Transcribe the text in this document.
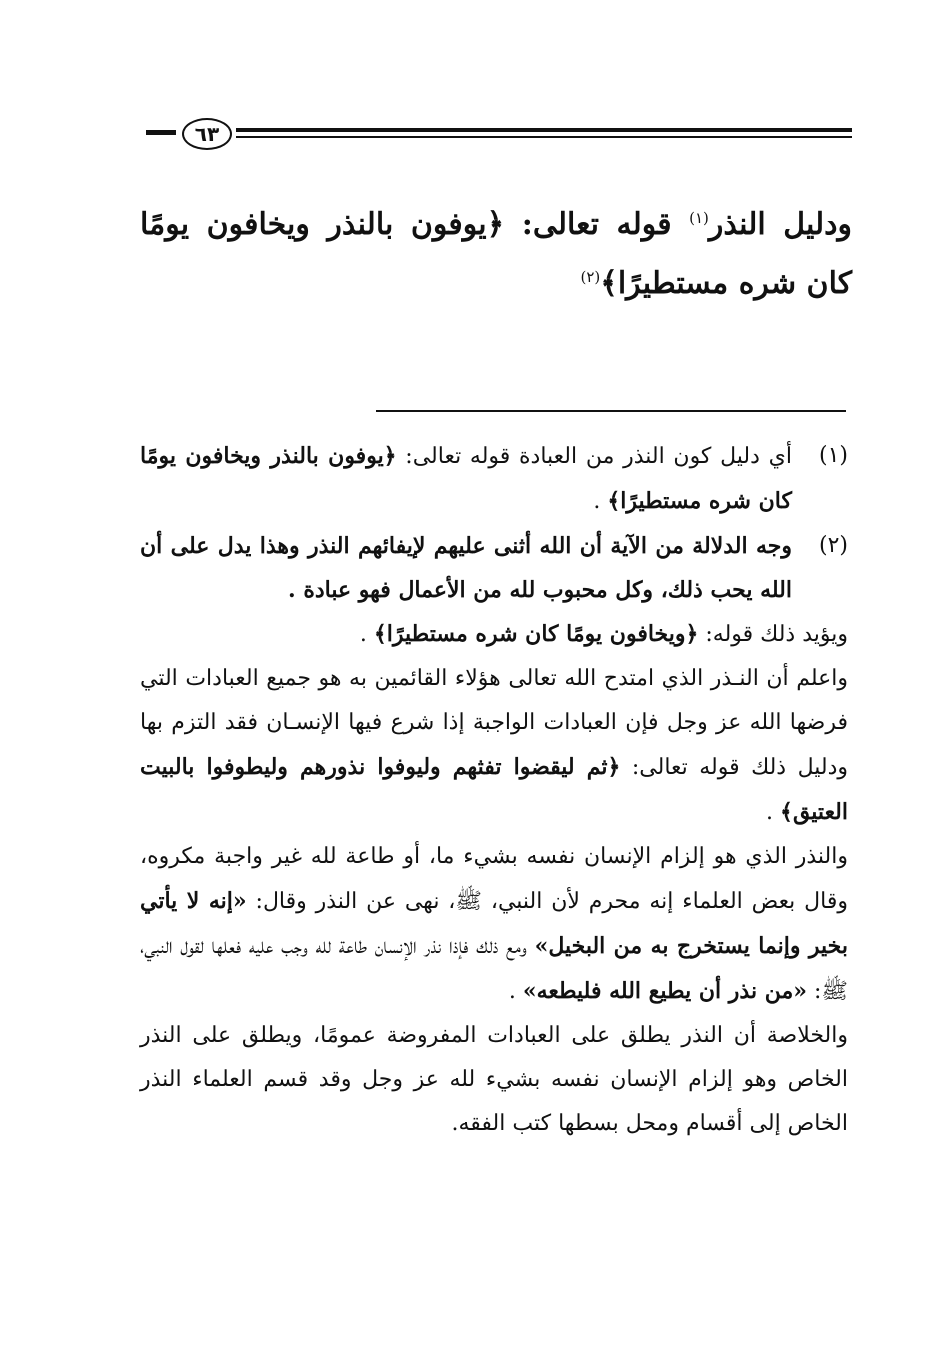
٦٣
ودليل النذر$^{(١)}$ قوله تعالى: ﴿يوفون بالنذر ويخافون يومًا كان شره مستطيرًا﴾$^{(٢)}$
(١)
أي دليل كون النذر من العبادة قوله تعالى: ﴿يوفون بالنذر ويخافون يومًا كان شره مستطيرًا﴾ .
(٢)
وجه الدلالة من الآية أن الله أثنى عليهم لإيفائهم النذر وهذا يدل على أن الله يحب ذلك، وكل محبوب لله من الأعمال فهو عبادة .

ويؤيد ذلك قوله: ﴿ويخافون يومًا كان شره مستطيرًا﴾ .

واعلم أن النـذر الذي امتدح الله تعالى هؤلاء القائمين به هو جميع العبادات التي فرضها الله عز وجل فإن العبادات الواجبة إذا شرع فيها الإنسـان فقد التزم بها ودليل ذلك قوله تعالى: ﴿ثم ليقضوا تفثهم وليوفوا نذورهم وليطوفوا بالبيت العتيق﴾ .

والنذر الذي هو إلزام الإنسان نفسه بشيء ما، أو طاعة لله غير واجبة مكروه، وقال بعض العلماء إنه محرم لأن النبي، ﷺ، نهى عن النذر وقال: «إنه لا يأتي بخير وإنما يستخرج به من البخيل» ومع ذلك فإذا نذر الإنسان طاعة لله وجب عليه فعلها لقول النبي، ﷺ: «من نذر أن يطيع الله فليطعه» .

والخلاصة أن النذر يطلق على العبادات المفروضة عمومًا، ويطلق على النذر الخاص وهو إلزام الإنسان نفسه بشيء لله عز وجل وقد قسم العلماء النذر الخاص إلى أقسام ومحل بسطها كتب الفقه.
